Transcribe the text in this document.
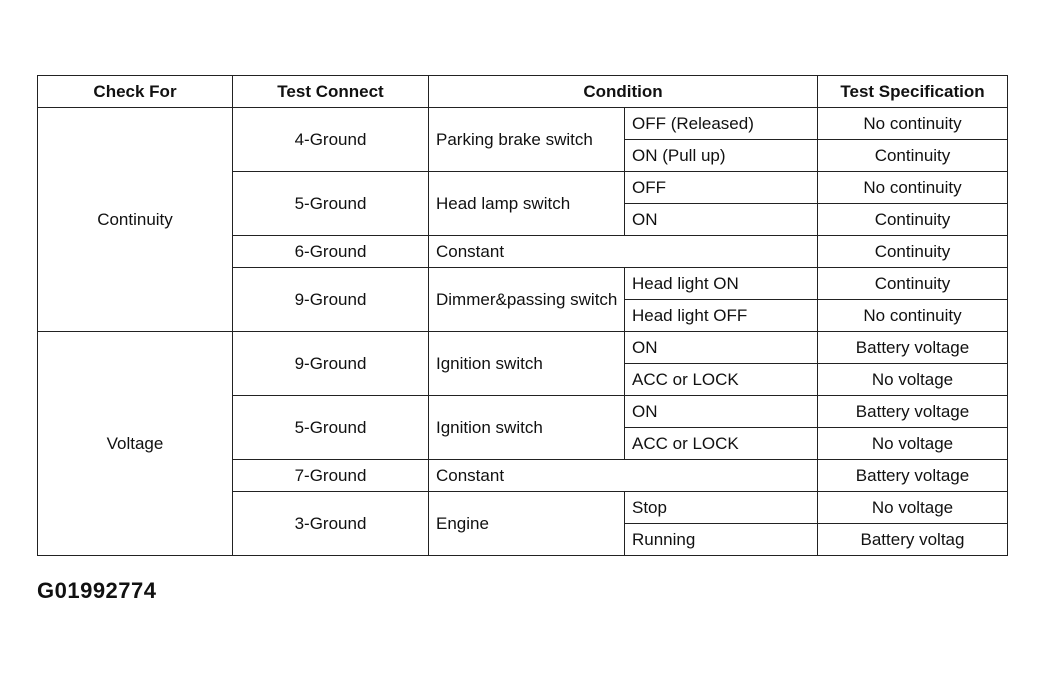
Check For	Test Connect	Condition		Test Specification
Continuity	4-Ground	Parking brake switch	OFF (Released)	No continuity
			ON (Pull up)	Continuity
	5-Ground	Head lamp switch	OFF	No continuity
			ON	Continuity
	6-Ground	Constant		Continuity
	9-Ground	Dimmer&passing switch	Head light ON	Continuity
			Head light OFF	No continuity
Voltage	9-Ground	Ignition switch	ON	Battery voltage
			ACC or LOCK	No voltage
	5-Ground	Ignition switch	ON	Battery voltage
			ACC or LOCK	No voltage
	7-Ground	Constant		Battery voltage
	3-Ground	Engine	Stop	No voltage
			Running	Battery voltag
G01992774
